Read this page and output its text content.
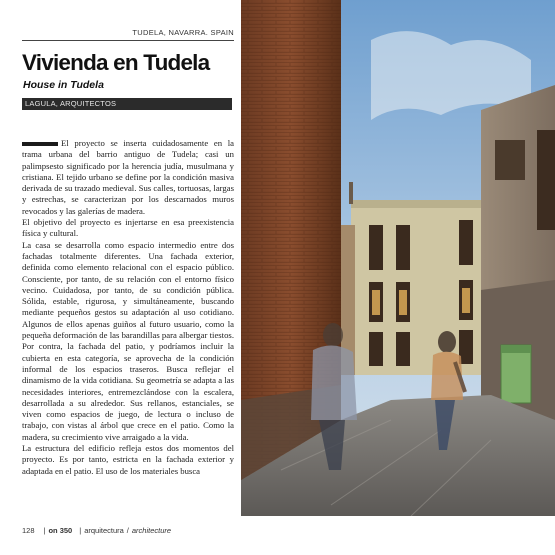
TUDELA, NAVARRA. SPAIN
Vivienda en Tudela
House in Tudela
LAGULA, ARQUITECTOS

El proyecto se inserta cuidadosamente en la trama urbana del barrio antiguo de Tudela; casi un palimpsesto significado por la herencia judía, musulmana y cristiana. El tejido urbano se define por la condición masiva derivada de su trazado medieval. Sus calles, tortuosas, largas y estrechas, se caracterizan por los descarnados muros revocados y las galerías de madera.

El objetivo del proyecto es injertarse en esa preexistencia física y cultural.

La casa se desarrolla como espacio intermedio entre dos fachadas totalmente diferentes. Una fachada exterior, definida como elemento relacional con el espacio público. Consciente, por tanto, de su relación con el entorno físico vecino. Cuidadosa, por tanto, de su condición pública. Sólida, estable, rigurosa, y simultáneamente, buscando mediante pequeños gestos su adaptación al uso cotidiano. Algunos de ellos apenas guiños al futuro usuario, como la pequeña deformación de las barandillas para albergar tiestos. Por contra, la fachada del patio, y podríamos incluir la cubierta en esta categoría, se aprovecha de la condición informal de los espacios traseros. Busca reflejar el dinamismo de la vida cotidiana. Su geometría se adapta a las necesidades interiores, entremezclándose con la escalera, desarrollada a su alrededor. Sus rellanos, estanciales, se viven como espacios de juego, de lectura o incluso de trabajo, con vistas al árbol que crece en el patio. Como la madera, su crecimiento vive arraigado a la vida.

La estructura del edificio refleja estos dos momentos del proyecto. Es por tanto, estricta en la fachada exterior y adaptada en el patio. El uso de los materiales busca

128 | on 350 | arquitectura / architecture
